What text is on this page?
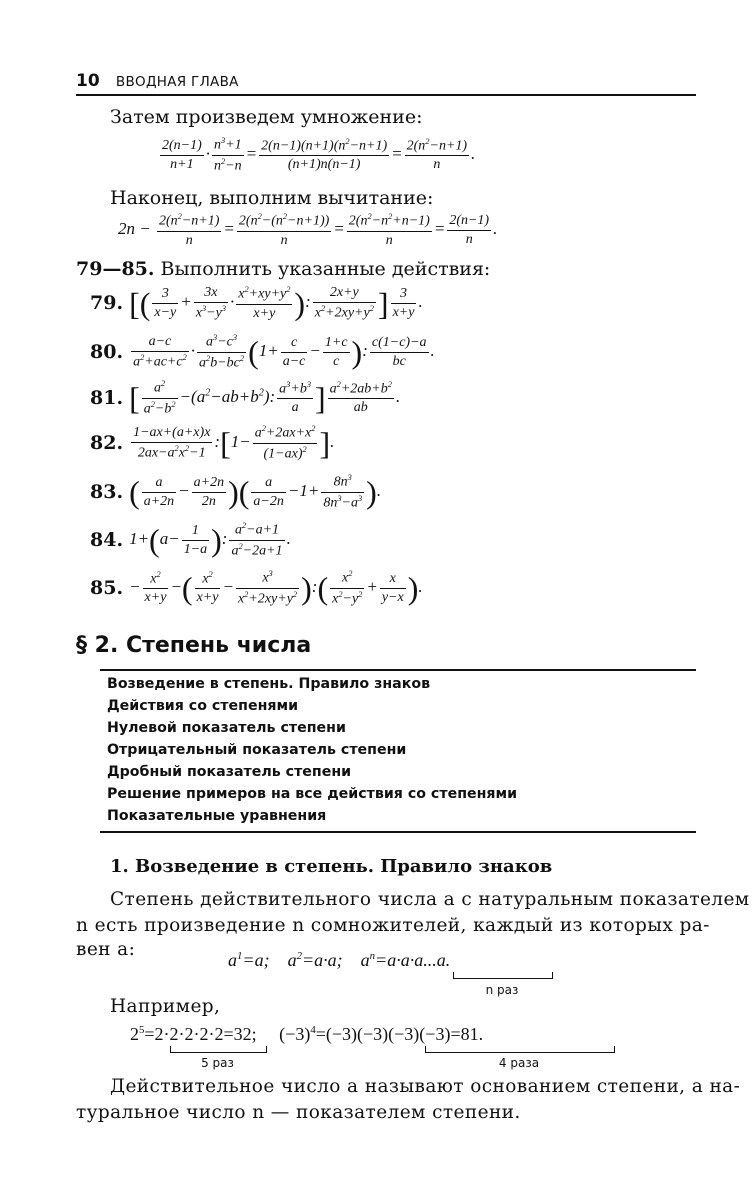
10 ВВОДНАЯ ГЛАВА
Затем произведем умножение:
$\frac{2(n-1)}{n+1} \cdot \frac{n^3+1}{n^2-n} = \frac{2(n-1)(n+1)(n^2-n+1)}{(n+1)n(n-1)} = \frac{2(n^2-n+1)}{n}$ .
Наконец, выполним вычитание:
$2n - \frac{2(n^2-n+1)}{n} = \frac{2(n^2-(n^2-n+1))}{n} = \frac{2(n^2-n^2+n-1)}{n} = \frac{2(n-1)}{n}$ .
79—85. Выполнить указанные действия:
79. [( $\frac{3}{x-y} + \frac{3x}{x^3-y^3} \cdot \frac{x^2+xy+y^2}{x+y}$ ): $\frac{2x+y}{x^2+2xy+y^2}$ ] $\frac{3}{x+y}$ .
80. $\frac{a-c}{a^2+ac+c^2} \cdot \frac{a^3-c^3}{a^2b-bc^2} (1+ \frac{c}{a-c} - \frac{1+c}{c}$ ): $\frac{c(1-c)-a}{bc}$ .
81. [ $\frac{a^2}{a^2-b^2} -(a^2-ab+b^2)$: $\frac{a^3+b^3}{a}$ ] $\frac{a^2+2ab+b^2}{ab}$ .
82. $\frac{1-ax+(a+x)x}{2ax-a^2x^2-1}$ :[1− $\frac{a^2+2ax+x^2}{(1-ax)^2}$ ].
83. ( $\frac{a}{a+2n} - \frac{a+2n}{2n}$ )( $\frac{a}{a-2n} -1+ \frac{8n^3}{8n^3-a^3}$ ).
84. $1+(a- \frac{1}{1-a}$ ): $\frac{a^2-a+1}{a^2-2a+1}$ .
85. − $\frac{x^2}{x+y}$ −( $\frac{x^2}{x+y} - \frac{x^3}{x^2+2xy+y^2}$ ):( $\frac{x^2}{x^2-y^2} + \frac{x}{y-x}$ ).
§ 2. Степень числа
Возведение в степень. Правило знаков
Действия со степенями
Нулевой показатель степени
Отрицательный показатель степени
Дробный показатель степени
Решение примеров на все действия со степенями
Показательные уравнения
1. Возведение в степень. Правило знаков
Степень действительного числа a с натуральным показателем
n есть произведение n сомножителей, каждый из которых ра-
вен a:	$a^1=a$;    $a^2=a\cdot a$;    $a^n=a\cdot a\cdot a...a$.
n раз
Например,
$2^5=2\cdot 2\cdot 2\cdot 2\cdot 2=32$;     $(-3)^4=(-3)(-3)(-3)(-3)=81$.
5 раз	4 раза
Действительное число a называют основанием степени, а на-
туральное число n — показателем степени.
